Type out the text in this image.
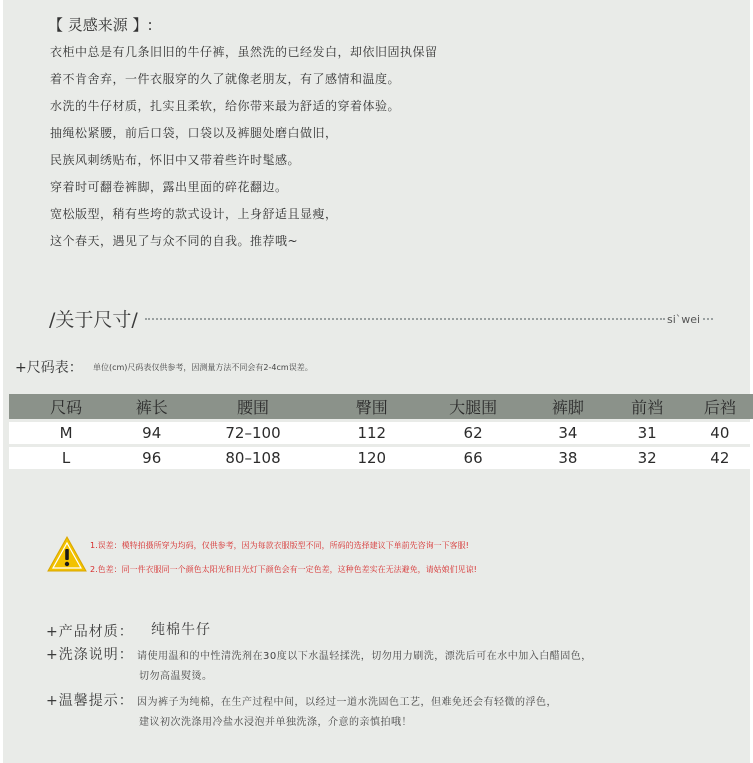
【 灵感来源 】:
衣柜中总是有几条旧旧的牛仔裤，虽然洗的已经发白，却依旧固执保留
着不肯舍弃，一件衣服穿的久了就像老朋友，有了感情和温度。
水洗的牛仔材质，扎实且柔软，给你带来最为舒适的穿着体验。
抽绳松紧腰，前后口袋，口袋以及裤腿处磨白做旧，
民族风刺绣贴布，怀旧中又带着些许时髦感。
穿着时可翻卷裤脚，露出里面的碎花翻边。
宽松版型，稍有些垮的款式设计，上身舒适且显瘦，
这个春天，遇见了与众不同的自我。推荐哦~
/关于尺寸/	si`wei
+尺码表： 单位(cm)尺码表仅供参考，因测量方法不同会有2-4cm误差。
尺码	裤长	腰围	臀围	大腿围	裤脚	前裆	后裆
M	94	72–100	112	62	34	31	40
L	96	80–108	120	66	38	32	42
1.误差：模特拍摄所穿为均码，仅供参考，因为每款衣服版型不同，所码的选择建议下单前先咨询一下客服!
2.色差：同一件衣服同一个颜色太阳光和日光灯下颜色会有一定色差，这种色差实在无法避免，请姑娘们见谅!
+产品材质： 纯棉牛仔
+洗涤说明： 请使用温和的中性清洗剂在30度以下水温轻揉洗，切勿用力刷洗，漂洗后可在水中加入白醋固色，
切勿高温熨烫。
+温馨提示： 因为裤子为纯棉，在生产过程中间，以经过一道水洗固色工艺，但难免还会有轻微的浮色，
建议初次洗涤用冷盐水浸泡并单独洗涤，介意的亲慎拍哦！
